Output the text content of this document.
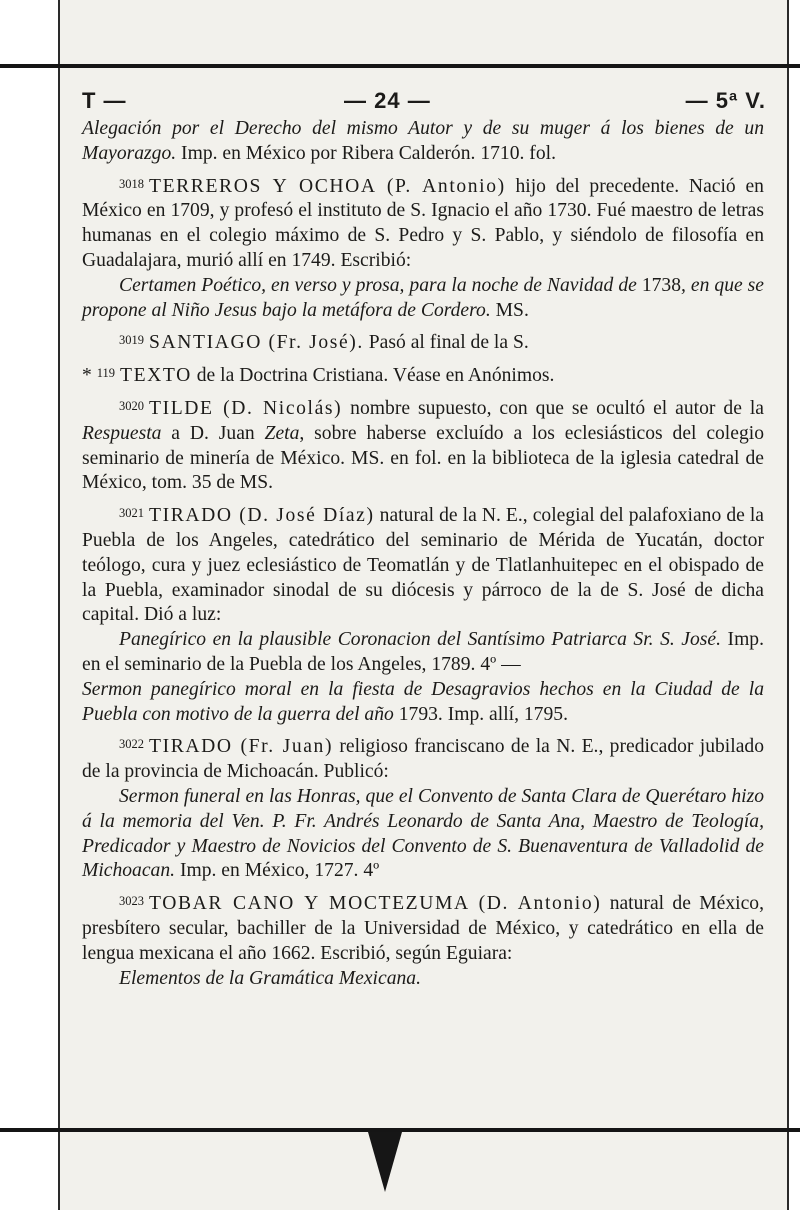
T —	— 24 —	— 5ª V.

Alegación por el Derecho del mismo Autor y de su muger á los bienes de un Mayorazgo. Imp. en México por Ribera Calderón. 1710. fol.

$^{3018}$ TERREROS Y OCHOA (P. Antonio) hijo del precedente. Nació en México en 1709, y profesó el instituto de S. Ignacio el año 1730. Fué maestro de letras humanas en el colegio máximo de S. Pedro y S. Pablo, y siéndolo de filosofía en Guadalajara, murió allí en 1749. Escribió:

Certamen Poético, en verso y prosa, para la noche de Navidad de 1738, en que se propone al Niño Jesus bajo la metáfora de Cordero. MS.

$^{3019}$ SANTIAGO (Fr. José). Pasó al final de la S.

* $^{119}$ TEXTO de la Doctrina Cristiana. Véase en Anónimos.

$^{3020}$ TILDE (D. Nicolás) nombre supuesto, con que se ocultó el autor de la Respuesta a D. Juan Zeta, sobre haberse excluído a los eclesiásticos del colegio seminario de minería de México. MS. en fol. en la biblioteca de la iglesia catedral de México, tom. 35 de MS.

$^{3021}$ TIRADO (D. José Díaz) natural de la N. E., colegial del palafoxiano de la Puebla de los Angeles, catedrático del seminario de Mérida de Yucatán, doctor teólogo, cura y juez eclesiástico de Teomatlán y de Tlatlanhuitepec en el obispado de la Puebla, examinador sinodal de su diócesis y párroco de la de S. José de dicha capital. Dió a luz:

Panegírico en la plausible Coronacion del Santísimo Patriarca Sr. S. José. Imp. en el seminario de la Puebla de los Angeles, 1789. 4º —

Sermon panegírico moral en la fiesta de Desagravios hechos en la Ciudad de la Puebla con motivo de la guerra del año 1793. Imp. allí, 1795.

$^{3022}$ TIRADO (Fr. Juan) religioso franciscano de la N. E., predicador jubilado de la provincia de Michoacán. Publicó:

Sermon funeral en las Honras, que el Convento de Santa Clara de Querétaro hizo á la memoria del Ven. P. Fr. Andrés Leonardo de Santa Ana, Maestro de Teología, Predicador y Maestro de Novicios del Convento de S. Buenaventura de Valladolid de Michoacan. Imp. en México, 1727. 4º

$^{3023}$ TOBAR CANO Y MOCTEZUMA (D. Antonio) natural de México, presbítero secular, bachiller de la Universidad de México, y catedrático en ella de lengua mexicana el año 1662. Escribió, según Eguiara:

Elementos de la Gramática Mexicana.
